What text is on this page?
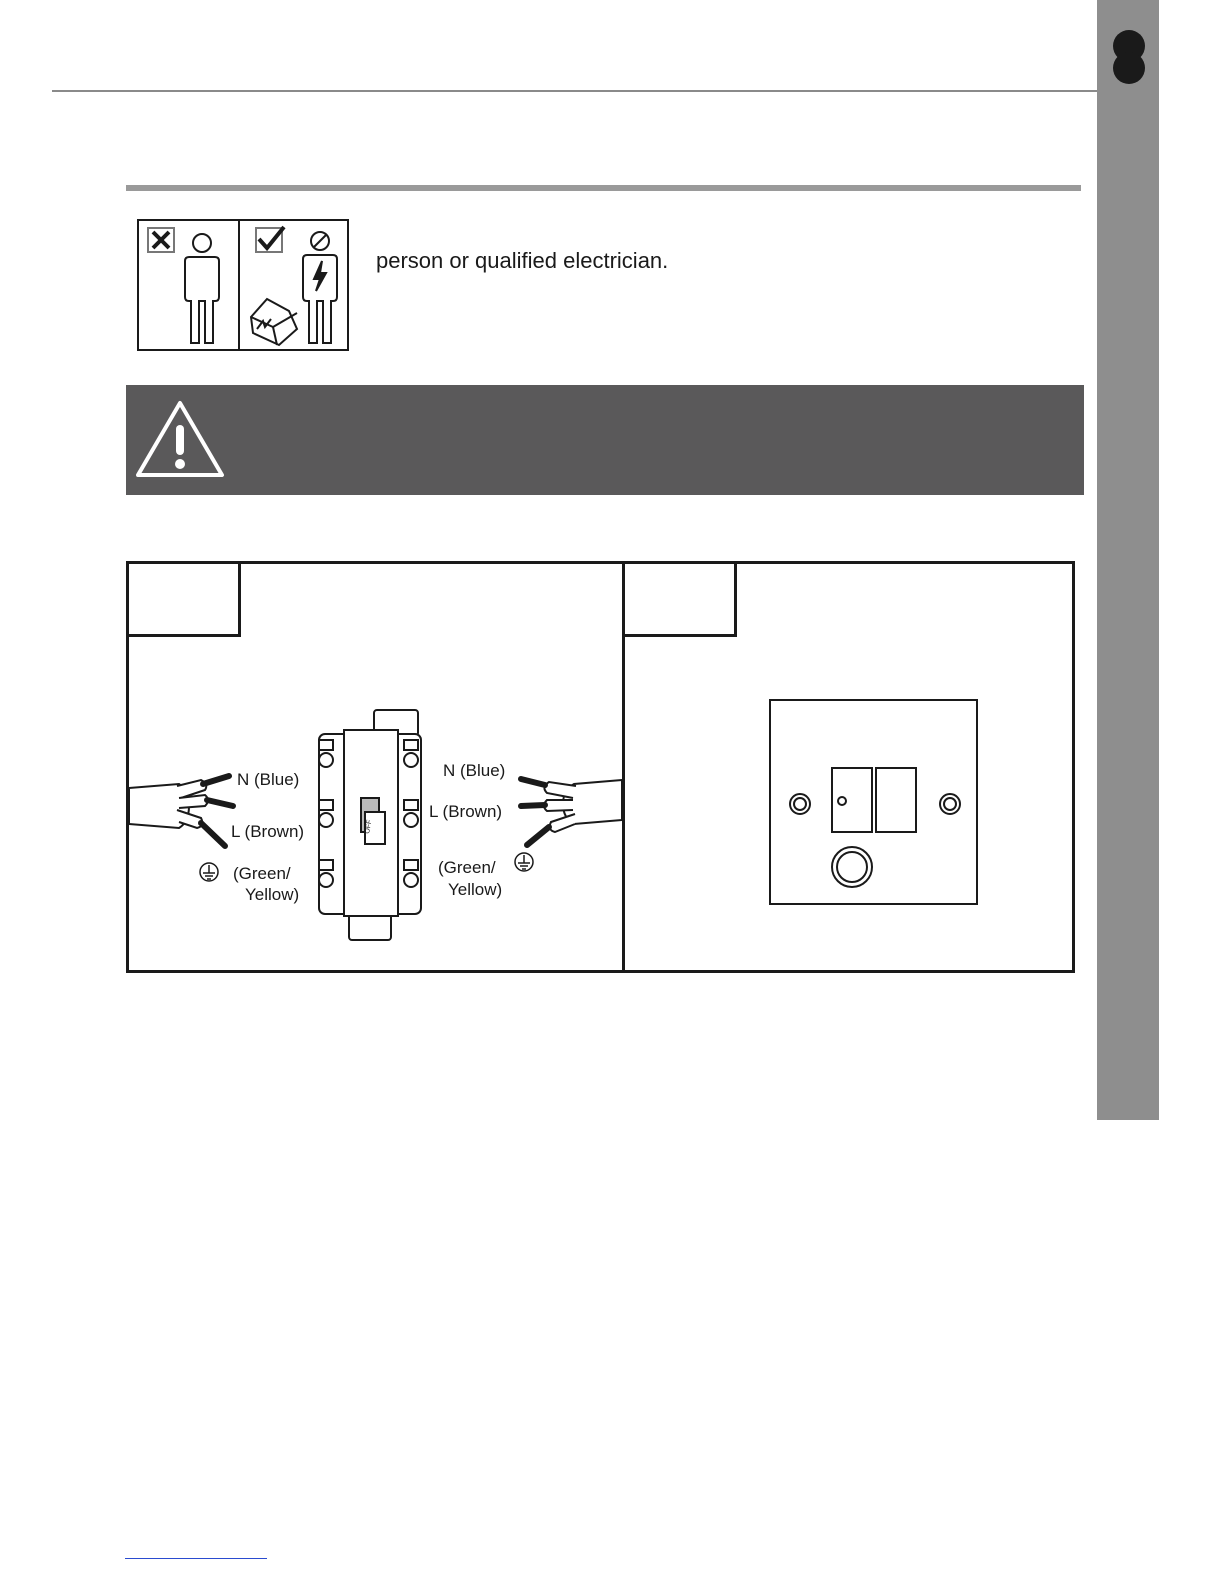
person or qualified electrician.
OFF
N (Blue)
L (Brown)
(Green/
Yellow)
N (Blue)
L (Brown)
(Green/
Yellow)
